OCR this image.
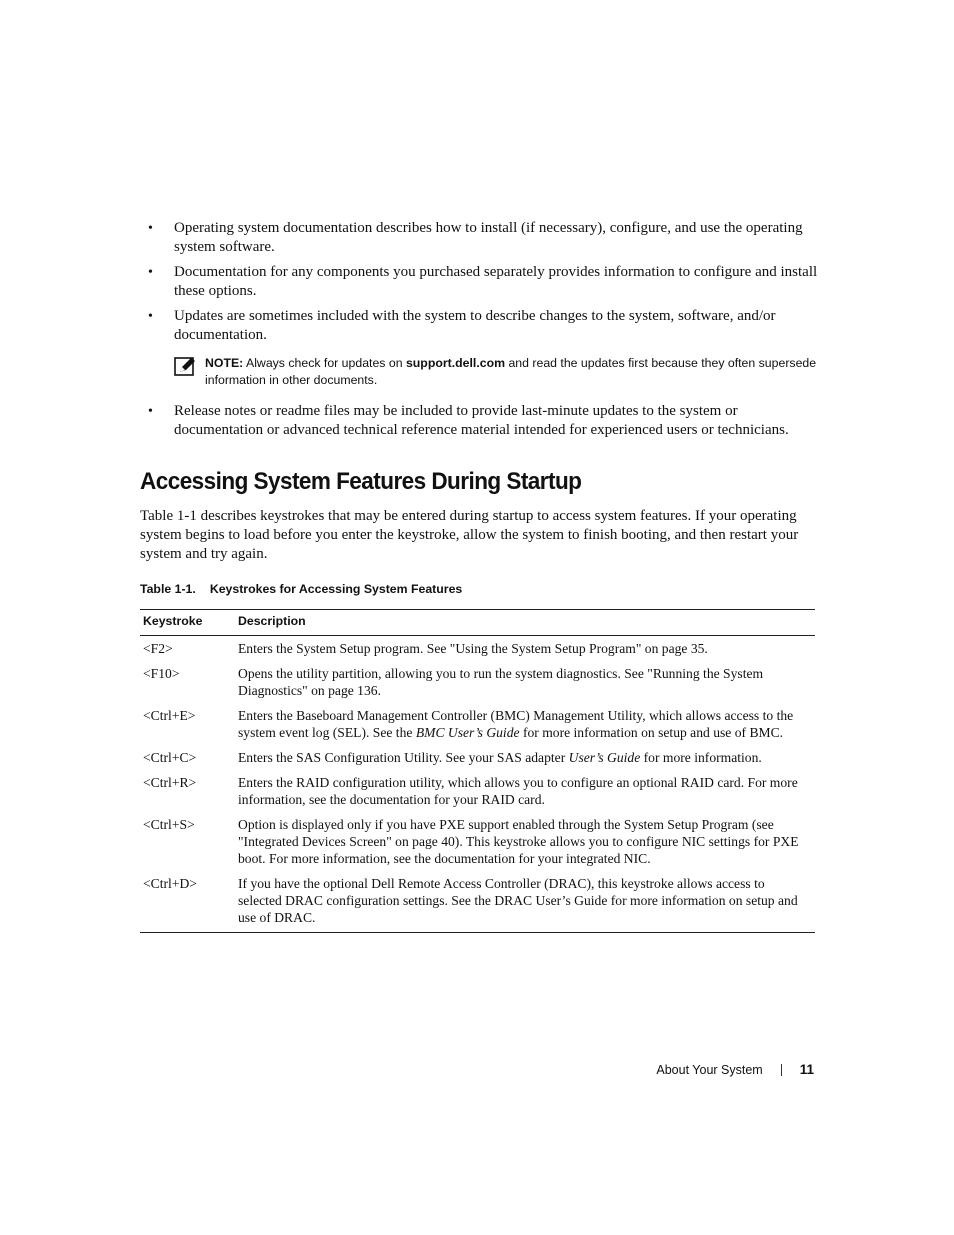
• Operating system documentation describes how to install (if necessary), configure, and use the operating system software.
• Documentation for any components you purchased separately provides information to configure and install these options.
• Updates are sometimes included with the system to describe changes to the system, software, and/or documentation.
NOTE: Always check for updates on support.dell.com and read the updates first because they often supersede information in other documents.
• Release notes or readme files may be included to provide last-minute updates to the system or documentation or advanced technical reference material intended for experienced users or technicians.
Accessing System Features During Startup

Table 1-1 describes keystrokes that may be entered during startup to access system features. If your operating system begins to load before you enter the keystroke, allow the system to finish booting, and then restart your system and try again.

Table 1-1. Keystrokes for Accessing System Features
Keystroke	Description
<F2>	Enters the System Setup program. See "Using the System Setup Program" on page 35.
<F10>	Opens the utility partition, allowing you to run the system diagnostics. See "Running the System Diagnostics" on page 136.
<Ctrl+E>	Enters the Baseboard Management Controller (BMC) Management Utility, which allows access to the system event log (SEL). See the BMC User’s Guide for more information on setup and use of BMC.
<Ctrl+C>	Enters the SAS Configuration Utility. See your SAS adapter User’s Guide for more information.
<Ctrl+R>	Enters the RAID configuration utility, which allows you to configure an optional RAID card. For more information, see the documentation for your RAID card.
<Ctrl+S>	Option is displayed only if you have PXE support enabled through the System Setup Program (see "Integrated Devices Screen" on page 40). This keystroke allows you to configure NIC settings for PXE boot. For more information, see the documentation for your integrated NIC.
<Ctrl+D>	If you have the optional Dell Remote Access Controller (DRAC), this keystroke allows access to selected DRAC configuration settings. See the DRAC User’s Guide for more information on setup and use of DRAC.
About Your System	11
